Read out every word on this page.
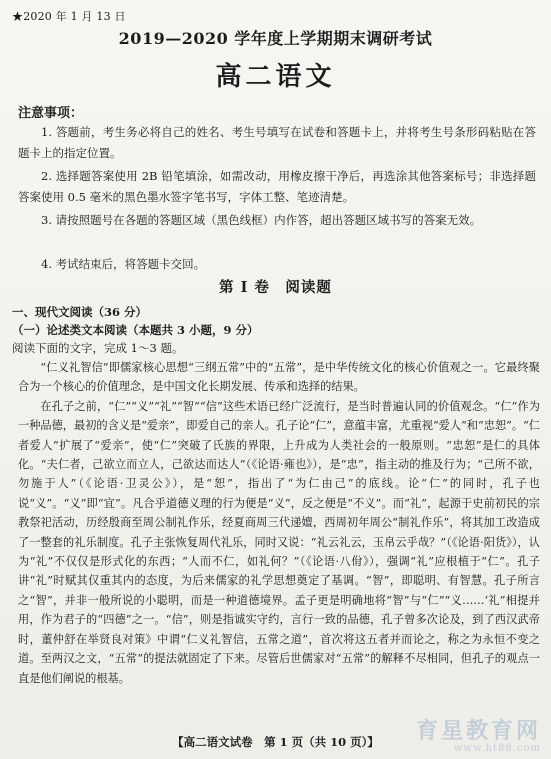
★2020 年 1 月 13 日
2019—2020 学年度上学期期末调研考试
高二语文
注意事项：
1. 答题前，考生务必将自己的姓名、考生号填写在试卷和答题卡上，并将考生号条形码粘贴在答题卡上的指定位置。
2. 选择题答案使用 2B 铅笔填涂，如需改动，用橡皮擦干净后，再选涂其他答案标号；非选择题答案使用 0.5 毫米的黑色墨水签字笔书写，字体工整、笔迹清楚。
3. 请按照题号在各题的答题区域（黑色线框）内作答，超出答题区域书写的答案无效。
4. 考试结束后，将答题卡交回。
第 I 卷　阅读题
一、现代文阅读（36 分）
（一）论述类文本阅读（本题共 3 小题，9 分）
阅读下面的文字，完成 1～3 题。

“仁义礼智信”即儒家核心思想“三纲五常”中的“五常”，是中华传统文化的核心价值观之一。它最终聚合为一个核心的价值理念，是中国文化长期发展、传承和选择的结果。

在孔子之前，“仁”“义”“礼”“智”“信”这些术语已经广泛流行，是当时普遍认同的价值观念。“仁”作为一种品德，最初的含义是“爱亲”，即爱自己的亲人。孔子论“仁”，意蕴丰富，尤重视“爱人”和“忠恕”。“仁者爱人”扩展了“爱亲”，使“仁”突破了氏族的界限，上升成为人类社会的一般原则。“忠恕”是仁的具体化。“夫仁者，己欲立而立人，己欲达而达人”（《论语·雍也》），是“忠”，指主动的推及行为；“己所不欲，勿施于人”（《论语·卫灵公》），是“恕”，指出了“为仁由己”的底线。论“仁”的同时，孔子也说“义”。“义”即“宜”。凡合乎道德义理的行为便是“义”，反之便是“不义”。而“礼”，起源于史前初民的宗教祭祀活动，历经殷商至周公制礼作乐，经夏商周三代递嬗，西周初年周公“制礼作乐”，将其加工改造成了一整套的礼乐制度。孔子主张恢复周代礼乐，同时又说：“礼云礼云，玉帛云乎哉？”（《论语·阳货》），认为“礼”不仅仅是形式化的东西；“人而不仁，如礼何？”（《论语·八佾》），强调“礼”应根植于“仁”。孔子讲“礼”时赋其仅重其内的态度，为后来儒家的礼学思想奠定了基调。“智”，即聪明、有智慧。孔子所言之“智”，并非一般所说的小聪明，而是一种道德境界。孟子更是明确地将“智”与“仁”“义……‘礼”相提并用，作为君子的“四德”之一。“信”，则是指诚实守约，言行一致的品德，孔子曾多次论及，到了西汉武帝时，董仲舒在举贤良对策》中谓“仁义礼智信，五常之道”，首次将这五者并而论之，称之为永恒不变之道。至两汉之文，“五常”的提法就固定了下来。尽管后世儒家对“五常”的解释不尽相同，但孔子的观点一直是他们阐说的根基。

【高二语文试卷　第 1 页（共 10 页）】	育星教育网
www.ht88.com
